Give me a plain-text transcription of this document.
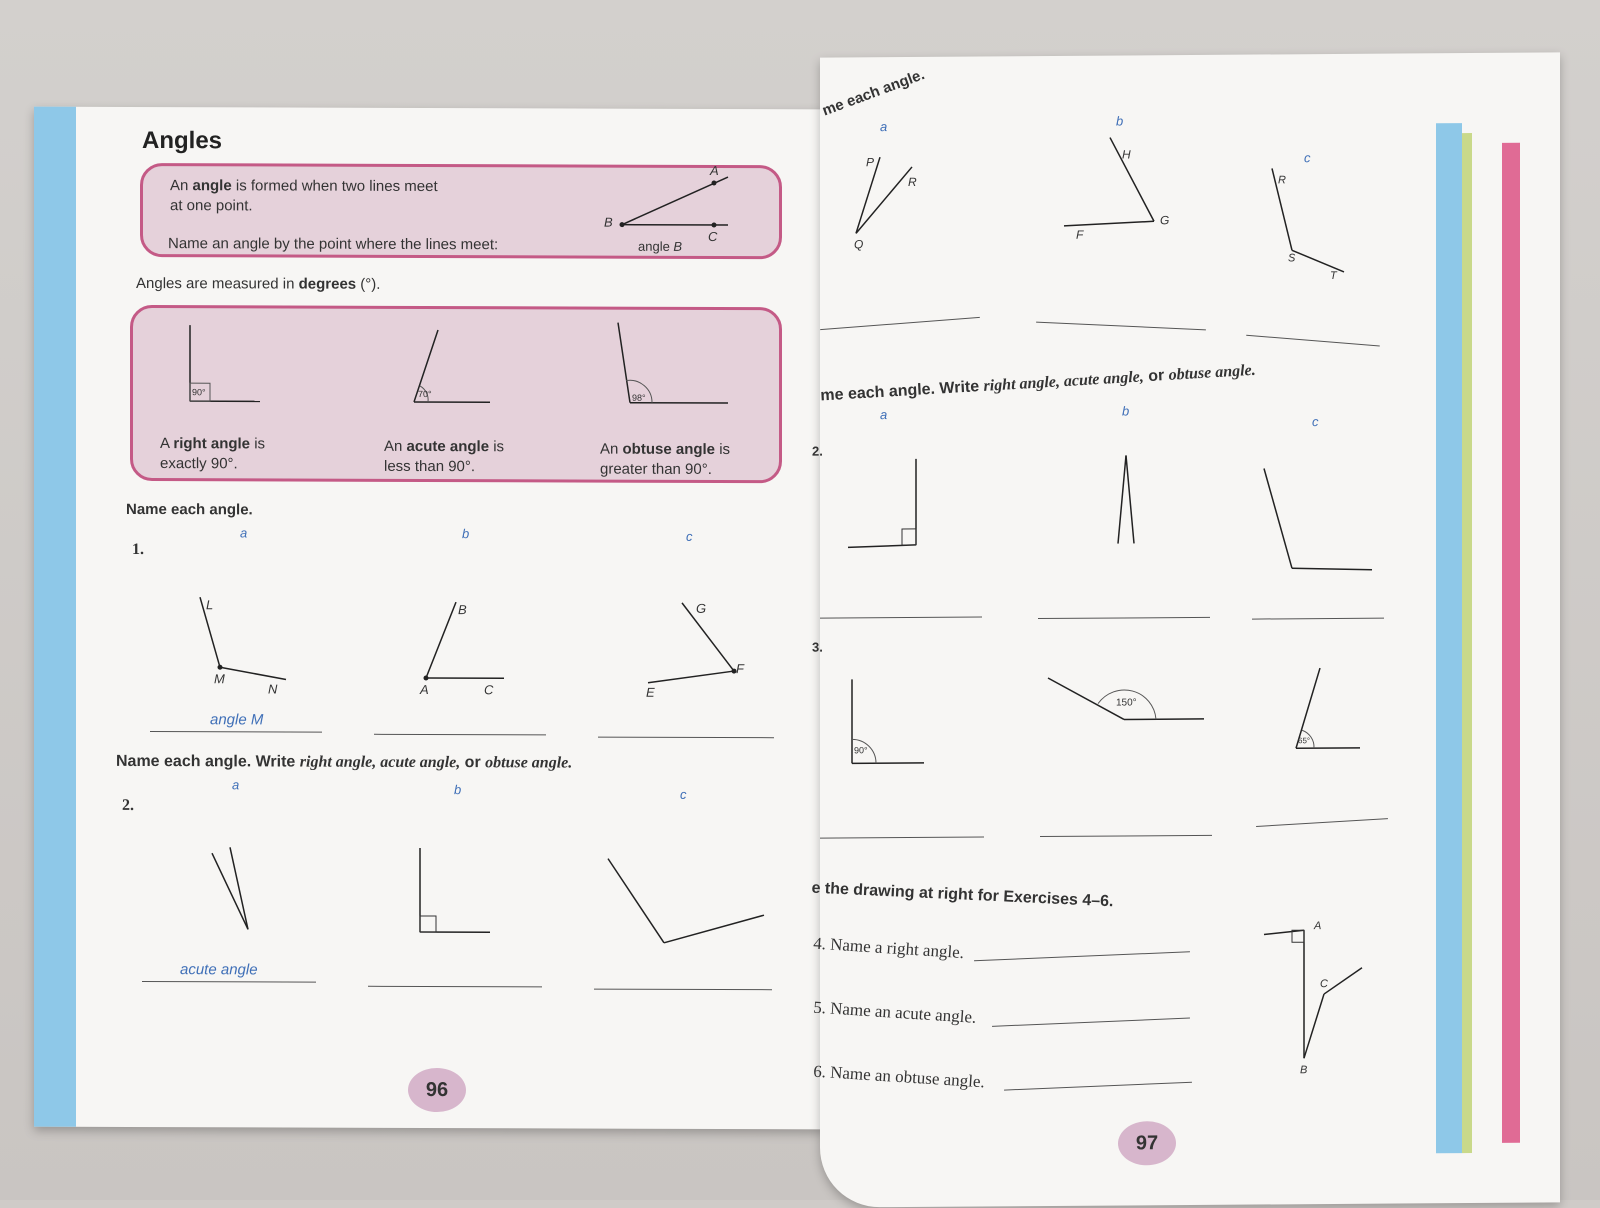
Angles
An angle is formed when two lines meet
at one point.
Name an angle by the point where the lines meet:
B
A
C
angle B
Angles are measured in degrees (°).
90°	70°	98°
A right angle is
exactly 90°.
An acute angle is
less than 90°.
An obtuse angle is
greater than 90°.
Name each angle.
1.
a	b	c
L
M
N
B
A	C
G
F
E
angle M
Name each angle. Write right angle, acute angle, or obtuse angle.
2.
a	b	c
acute angle
96
me each angle.
a	b
c
P
R
Q
H
G
F
R
S
T
me each angle. Write right angle, acute angle, or obtuse angle.
a	b
c
2.
3.
90°
150°
65°
e the drawing at right for Exercises 4–6.
4. Name a right angle.
5. Name an acute angle.
6. Name an obtuse angle.
A
C
B
97
